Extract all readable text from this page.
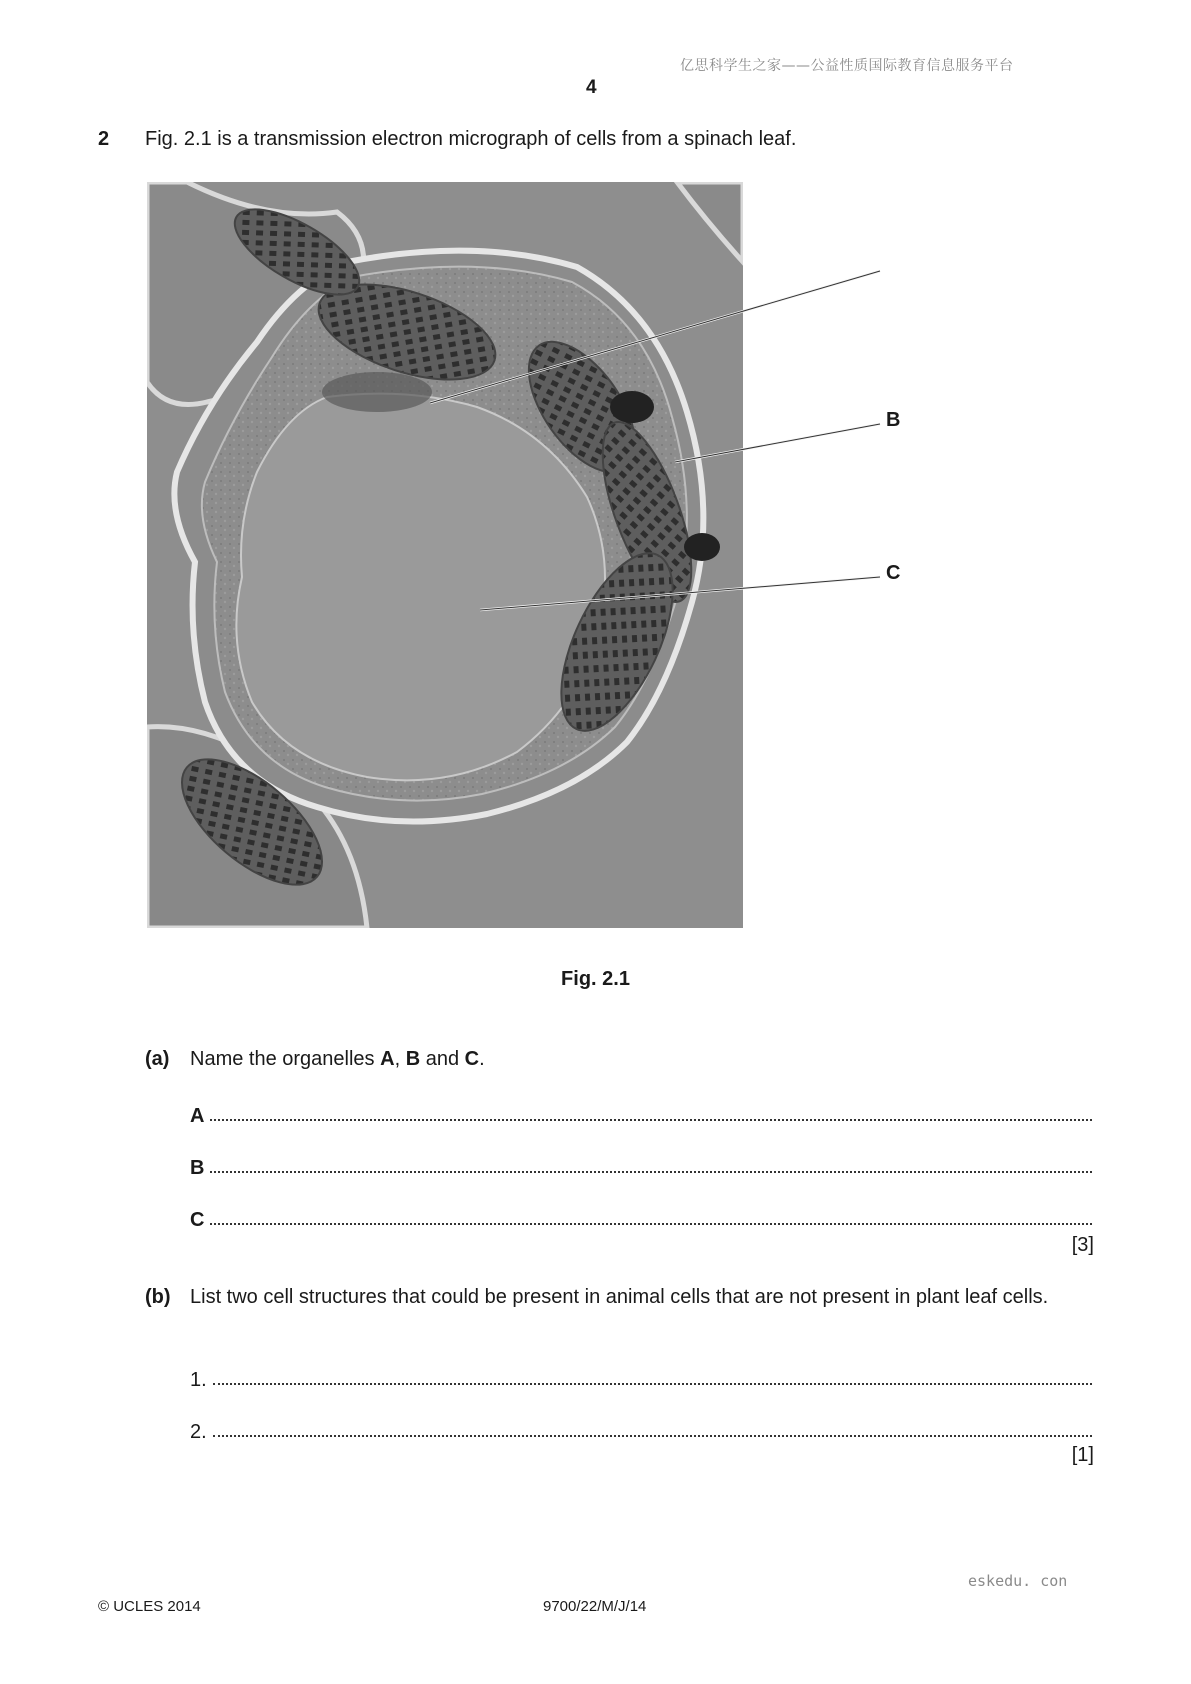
亿思科学生之家——公益性质国际教育信息服务平台
4
2 Fig. 2.1 is a transmission electron micrograph of cells from a spinach leaf.
B
C
Fig. 2.1
(a) Name the organelles A, B and C.
A
B
C
[3]
(b) List two cell structures that could be present in animal cells that are not present in plant leaf cells.
1.
2.
[1]
eskedu. con
© UCLES 2014	9700/22/M/J/14
